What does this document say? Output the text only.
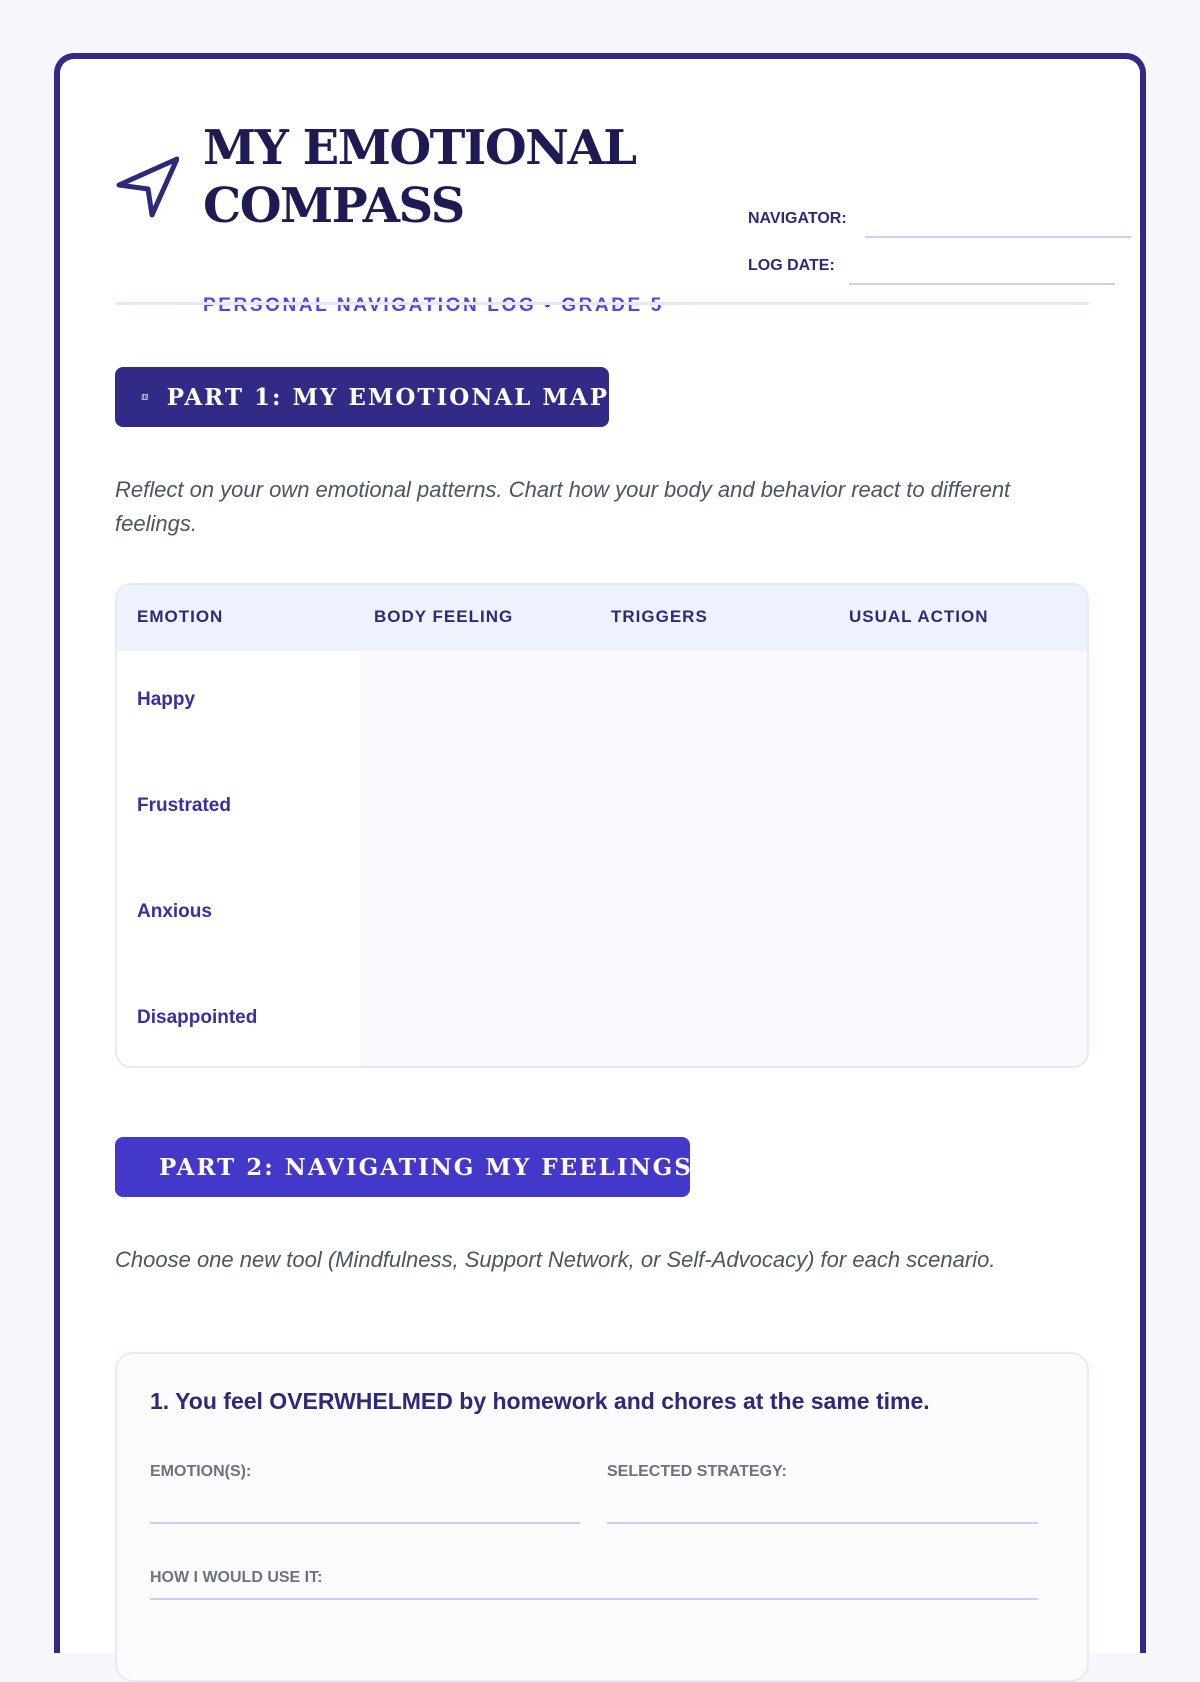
MY EMOTIONAL
COMPASS
PERSONAL NAVIGATION LOG • GRADE 5
NAVIGATOR:
LOG DATE:
PART 1: MY EMOTIONAL MAP

Reflect on your own emotional patterns. Chart how your body and behavior react to different feelings.

EMOTION	BODY FEELING	TRIGGERS	USUAL ACTION
Happy
Frustrated
Anxious
Disappointed
PART 2: NAVIGATING MY FEELINGS

Choose one new tool (Mindfulness, Support Network, or Self-Advocacy) for each scenario.

1. You feel OVERWHELMED by homework and chores at the same time.

EMOTION(S):	SELECTED STRATEGY:
HOW I WOULD USE IT:
